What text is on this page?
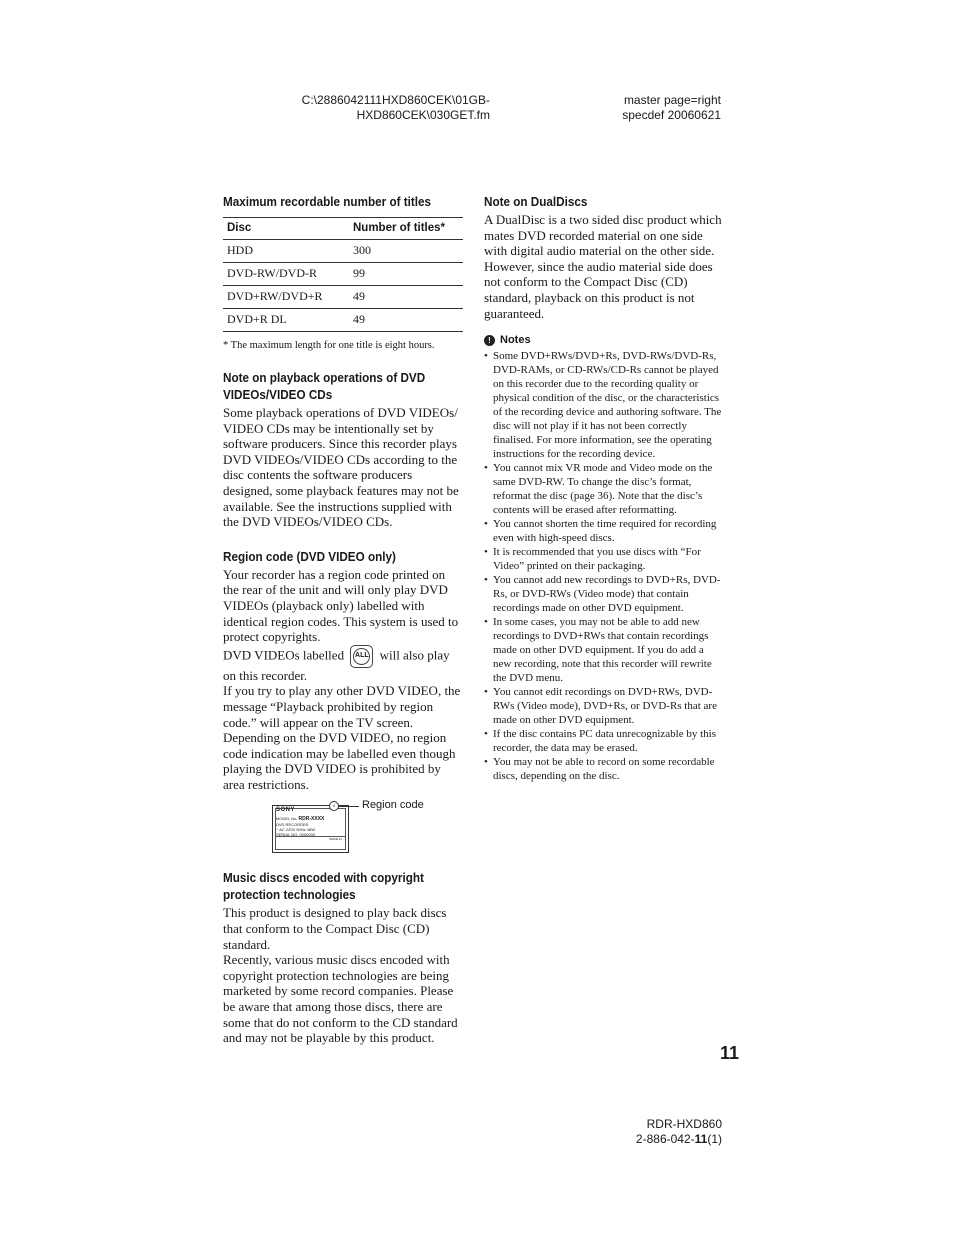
C:\2886042111HXD860CEK\01GB-
HXD860CEK\030GET.fm
master page=right
specdef 20060621
Maximum recordable number of titles
Disc	Number of titles*
HDD	300
DVD-RW/DVD-R	99
DVD+RW/DVD+R	49
DVD+R DL	49

* The maximum length for one title is eight hours.

Note on playback operations of DVD VIDEOs/VIDEO CDs

Some playback operations of DVD VIDEOs/ VIDEO CDs may be intentionally set by software producers. Since this recorder plays DVD VIDEOs/VIDEO CDs according to the disc contents the software producers designed, some playback features may not be available. See the instructions supplied with the DVD VIDEOs/VIDEO CDs.

Region code (DVD VIDEO only)

Your recorder has a region code printed on the rear of the unit and will only play DVD VIDEOs (playback only) labelled with identical region codes. This system is used to protect copyrights.

DVD VIDEOs labelled	ALL will also play on this recorder.

If you try to play any other DVD VIDEO, the message “Playback prohibited by region code.” will appear on the TV screen. Depending on the DVD VIDEO, no region code indication may be labelled even though playing the DVD VIDEO is prohibited by area restrictions.

SONY
MODEL No. RDR-XXXX
DVD RECORDER
~ AC 220V 50Hz 48W
SERIAL NO. 0000000
MADE IN ...
X	Region code
Music discs encoded with copyright protection technologies

This product is designed to play back discs that conform to the Compact Disc (CD) standard.

Recently, various music discs encoded with copyright protection technologies are being marketed by some record companies. Please be aware that among those discs, there are some that do not conform to the CD standard and may not be playable by this product.

Note on DualDiscs

A DualDisc is a two sided disc product which mates DVD recorded material on one side with digital audio material on the other side. However, since the audio material side does not conform to the Compact Disc (CD) standard, playback on this product is not guaranteed.

! Notes
• Some DVD+RWs/DVD+Rs, DVD-RWs/DVD-Rs, DVD-RAMs, or CD-RWs/CD-Rs cannot be played on this recorder due to the recording quality or physical condition of the disc, or the characteristics of the recording device and authoring software. The disc will not play if it has not been correctly finalised. For more information, see the operating instructions for the recording device.
• You cannot mix VR mode and Video mode on the same DVD-RW. To change the disc’s format, reformat the disc (page 36). Note that the disc’s contents will be erased after reformatting.
• You cannot shorten the time required for recording even with high-speed discs.
• It is recommended that you use discs with “For Video” printed on their packaging.
• You cannot add new recordings to DVD+Rs, DVD-Rs, or DVD-RWs (Video mode) that contain recordings made on other DVD equipment.
• In some cases, you may not be able to add new recordings to DVD+RWs that contain recordings made on other DVD equipment. If you do add a new recording, note that this recorder will rewrite the DVD menu.
• You cannot edit recordings on DVD+RWs, DVD-RWs (Video mode), DVD+Rs, or DVD-Rs that are made on other DVD equipment.
• If the disc contains PC data unrecognizable by this recorder, the data may be erased.
• You may not be able to record on some recordable discs, depending on the disc.
11
RDR-HXD860
2-886-042-11(1)
